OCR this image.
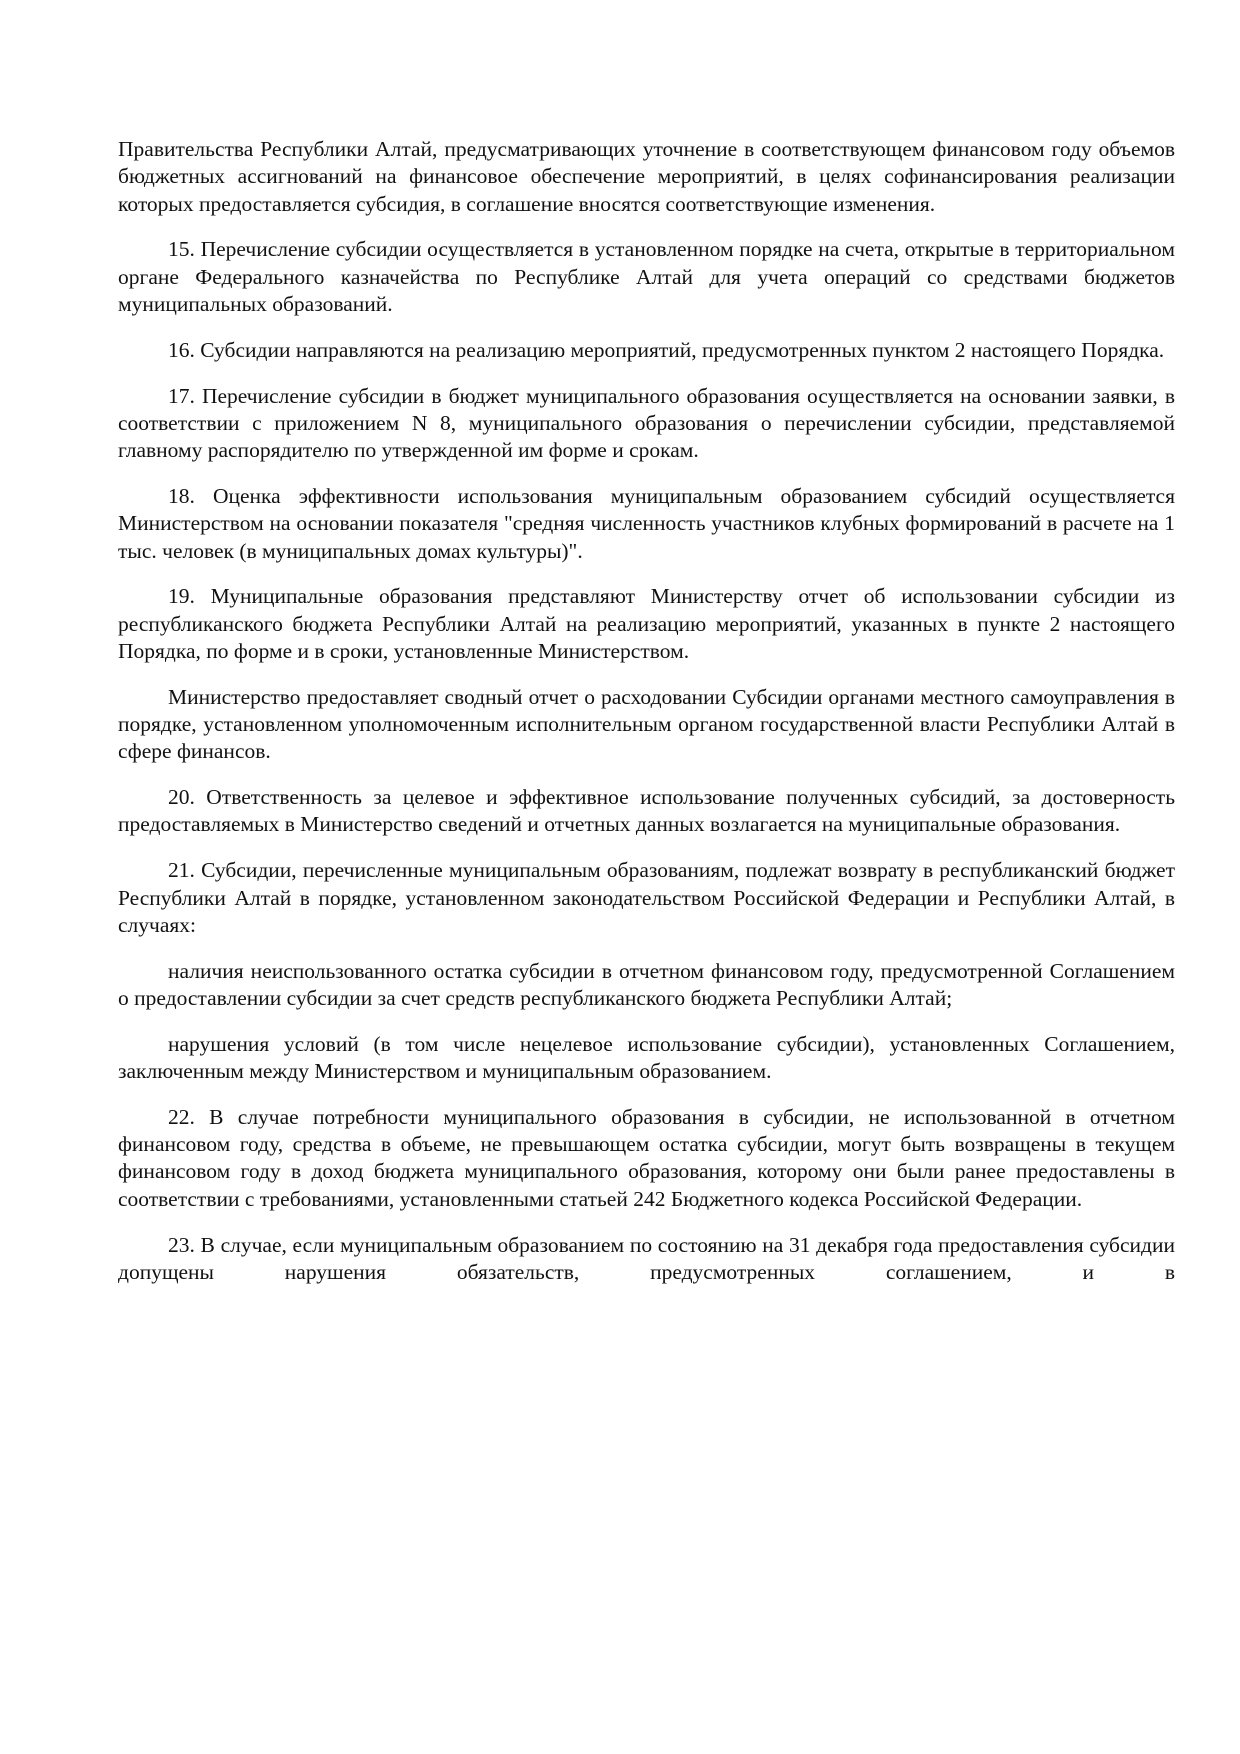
Правительства Республики Алтай, предусматривающих уточнение в соответствующем финансовом году объемов бюджетных ассигнований на финансовое обеспечение мероприятий, в целях софинансирования реализации которых предоставляется субсидия, в соглашение вносятся соответствующие изменения.

15. Перечисление субсидии осуществляется в установленном порядке на счета, открытые в территориальном органе Федерального казначейства по Республике Алтай для учета операций со средствами бюджетов муниципальных образований.

16. Субсидии направляются на реализацию мероприятий, предусмотренных пунктом 2 настоящего Порядка.

17. Перечисление субсидии в бюджет муниципального образования осуществляется на основании заявки, в соответствии с приложением N 8, муниципального образования о перечислении субсидии, представляемой главному распорядителю по утвержденной им форме и срокам.

18. Оценка эффективности использования муниципальным образованием субсидий осуществляется Министерством на основании показателя "средняя численность участников клубных формирований в расчете на 1 тыс. человек (в муниципальных домах культуры)".

19. Муниципальные образования представляют Министерству отчет об использовании субсидии из республиканского бюджета Республики Алтай на реализацию мероприятий, указанных в пункте 2 настоящего Порядка, по форме и в сроки, установленные Министерством.

Министерство предоставляет сводный отчет о расходовании Субсидии органами местного самоуправления в порядке, установленном уполномоченным исполнительным органом государственной власти Республики Алтай в сфере финансов.

20. Ответственность за целевое и эффективное использование полученных субсидий, за достоверность предоставляемых в Министерство сведений и отчетных данных возлагается на муниципальные образования.

21. Субсидии, перечисленные муниципальным образованиям, подлежат возврату в республиканский бюджет Республики Алтай в порядке, установленном законодательством Российской Федерации и Республики Алтай, в случаях:

наличия неиспользованного остатка субсидии в отчетном финансовом году, предусмотренной Соглашением о предоставлении субсидии за счет средств республиканского бюджета Республики Алтай;

нарушения условий (в том числе нецелевое использование субсидии), установленных Соглашением, заключенным между Министерством и муниципальным образованием.

22. В случае потребности муниципального образования в субсидии, не использованной в отчетном финансовом году, средства в объеме, не превышающем остатка субсидии, могут быть возвращены в текущем финансовом году в доход бюджета муниципального образования, которому они были ранее предоставлены в соответствии с требованиями, установленными статьей 242 Бюджетного кодекса Российской Федерации.

23. В случае, если муниципальным образованием по состоянию на 31 декабря года предоставления субсидии допущены нарушения обязательств, предусмотренных соглашением, и в
